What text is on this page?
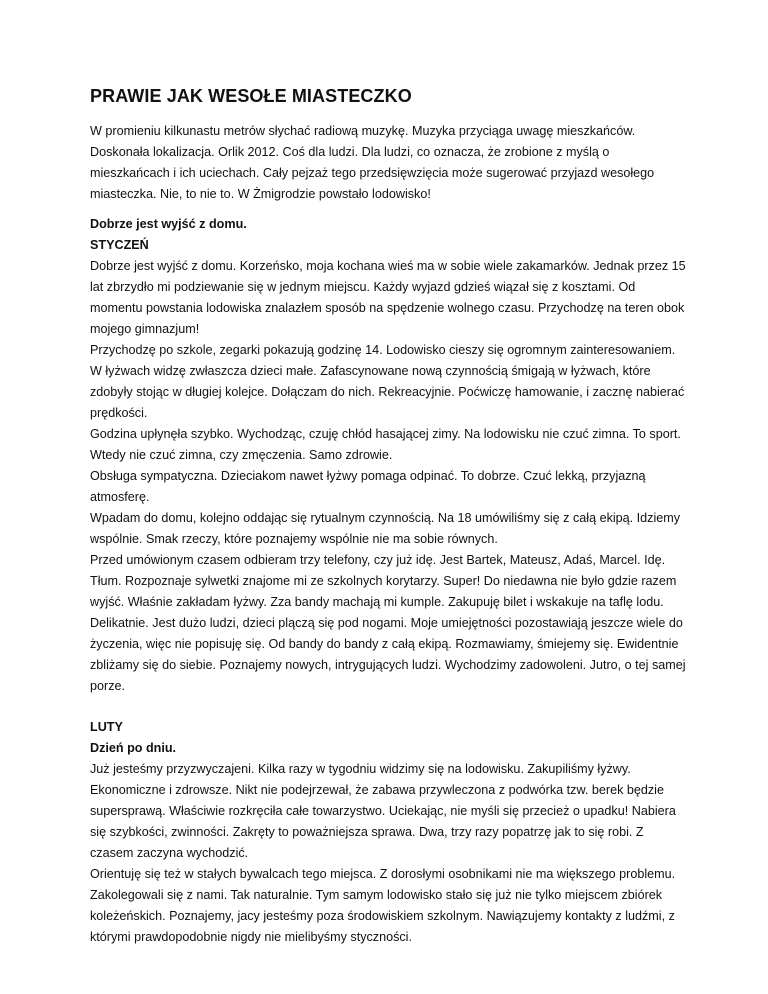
PRAWIE JAK WESOŁE MIASTECZKO

W promieniu kilkunastu metrów słychać radiową muzykę. Muzyka przyciąga uwagę mieszkańców. Doskonała lokalizacja. Orlik 2012. Coś dla ludzi. Dla ludzi, co oznacza, że zrobione z myślą o mieszkańcach i ich uciechach. Cały pejzaż tego przedsięwzięcia może sugerować przyjazd wesołego miasteczka. Nie, to nie to. W Żmigrodzie powstało lodowisko!

Dobrze jest wyjść z domu.

STYCZEŃ

Dobrze jest wyjść z domu. Korzeńsko, moja kochana wieś ma w sobie wiele zakamarków. Jednak przez 15 lat zbrzydło mi podziewanie się w jednym miejscu. Każdy wyjazd gdzieś wiązał się z kosztami. Od momentu powstania lodowiska znalazłem sposób na spędzenie wolnego czasu. Przychodzę na teren obok mojego gimnazjum!

Przychodzę po szkole, zegarki pokazują godzinę 14. Lodowisko cieszy się ogromnym zainteresowaniem. W łyżwach widzę zwłaszcza dzieci małe. Zafascynowane nową czynnością śmigają w łyżwach, które zdobyły stojąc w długiej kolejce. Dołączam do nich. Rekreacyjnie. Poćwiczę hamowanie, i zacznę nabierać prędkości.

Godzina upłynęła szybko. Wychodząc, czuję chłód hasającej zimy. Na lodowisku nie czuć zimna. To sport. Wtedy nie czuć zimna, czy zmęczenia. Samo zdrowie.

Obsługa sympatyczna. Dzieciakom nawet łyżwy pomaga odpinać. To dobrze. Czuć lekką, przyjazną atmosferę.

Wpadam do domu, kolejno oddając się rytualnym czynnością. Na 18 umówiliśmy się z całą ekipą. Idziemy wspólnie. Smak rzeczy, które poznajemy wspólnie nie ma sobie równych.

Przed umówionym czasem odbieram trzy telefony, czy już idę. Jest Bartek, Mateusz, Adaś, Marcel. Idę.

Tłum. Rozpoznaje sylwetki znajome mi ze szkolnych korytarzy. Super! Do niedawna nie było gdzie razem wyjść. Właśnie zakładam łyżwy. Zza bandy machają mi kumple. Zakupuję bilet i wskakuje na taflę lodu.

Delikatnie. Jest dużo ludzi, dzieci plączą się pod nogami. Moje umiejętności pozostawiają jeszcze wiele do życzenia, więc nie popisuję się. Od bandy do bandy z całą ekipą. Rozmawiamy, śmiejemy się. Ewidentnie zbliżamy się do siebie. Poznajemy nowych, intrygujących ludzi. Wychodzimy zadowoleni. Jutro, o tej samej porze.

LUTY

Dzień po dniu.

Już jesteśmy przyzwyczajeni. Kilka razy w tygodniu widzimy się na lodowisku. Zakupiliśmy łyżwy. Ekonomiczne i zdrowsze. Nikt nie podejrzewał, że zabawa przywleczona z podwórka tzw. berek będzie supersprawą. Właściwie rozkręciła całe towarzystwo. Uciekając, nie myśli się przecież o upadku! Nabiera się szybkości, zwinności. Zakręty to poważniejsza sprawa. Dwa, trzy razy popatrzę jak to się robi. Z czasem zaczyna wychodzić.

Orientuję się też w stałych bywalcach tego miejsca. Z dorosłymi osobnikami nie ma większego problemu. Zakolegowali się z nami. Tak naturalnie. Tym samym lodowisko stało się już nie tylko miejscem zbiórek koleżeńskich. Poznajemy, jacy jesteśmy poza środowiskiem szkolnym. Nawiązujemy kontakty z ludźmi, z którymi prawdopodobnie nigdy nie mielibyśmy styczności.
